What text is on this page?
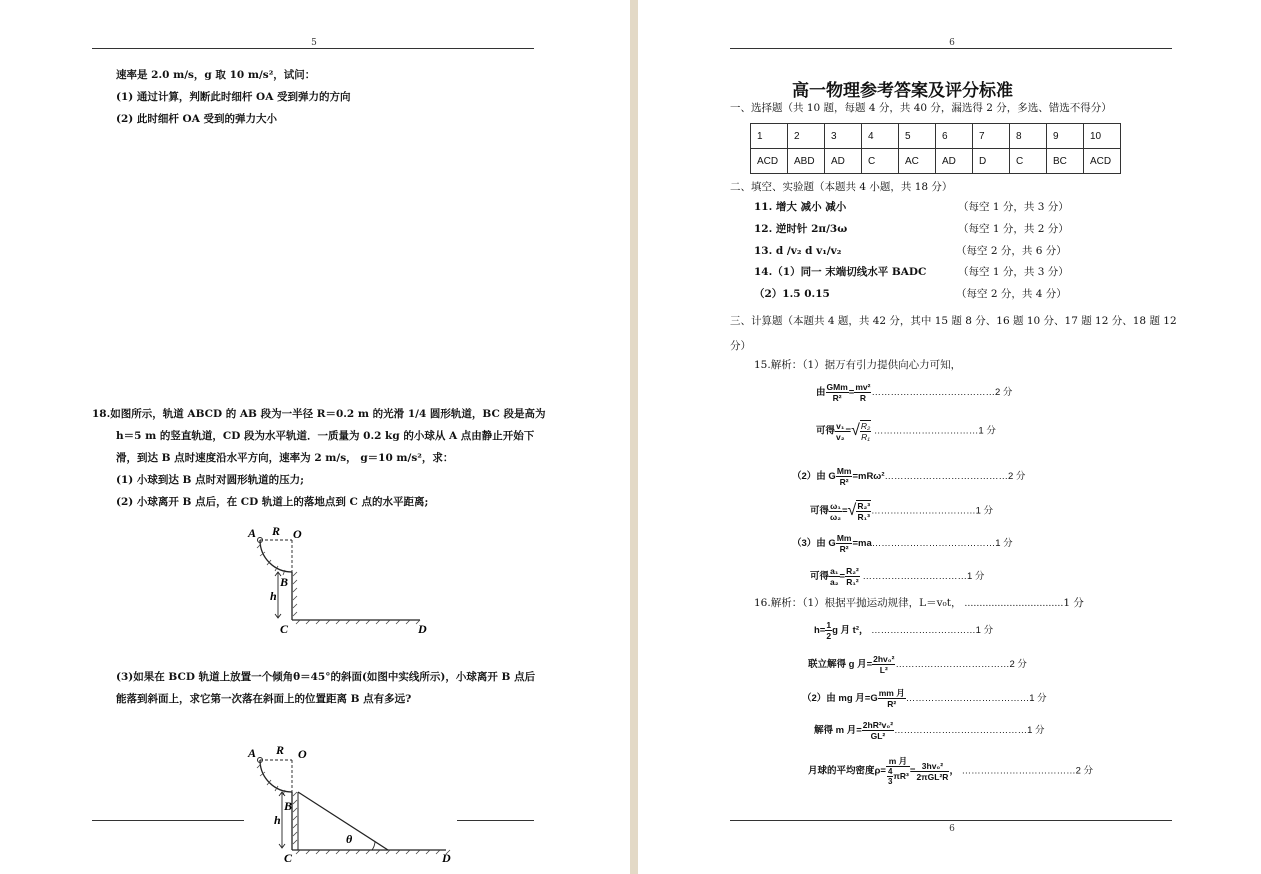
5
速率是 2.0 m/s，g 取 10 m/s²，试问：
(1) 通过计算，判断此时细杆 OA 受到弹力的方向
(2) 此时细杆 OA 受到的弹力大小
18.如图所示，轨道 ABCD 的 AB 段为一半径 R＝0.2 m 的光滑 1/4 圆形轨道，BC 段是高为
h＝5 m 的竖直轨道，CD 段为水平轨道．一质量为 0.2 kg 的小球从 A 点由静止开始下
滑，到达 B 点时速度沿水平方向，速率为 2 m/s， g＝10 m/s²，求：
(1) 小球到达 B 点时对圆形轨道的压力;
(2) 小球离开 B 点后，在 CD 轨道上的落地点到 C 点的水平距离;
A R O
B
h
C	D
(3)如果在 BCD 轨道上放置一个倾角θ＝45°的斜面(如图中实线所示)，小球离开 B 点后
能落到斜面上，求它第一次落在斜面上的位置距离 B 点有多远?
A R O
B
h
C
θ
D
6
高一物理参考答案及评分标准
一、选择题（共 10 题，每题 4 分，共 40 分，漏选得 2 分，多选、错选不得分）
1	2	3	4	5	6	7	8	9	10
ACD	ABD	AD	C	AC	AD	D	C	BC	ACD
二、填空、实验题（本题共 4 小题，共 18 分）
11. 增大 减小 减小	（每空 1 分，共 3 分）
12. 逆时针 2π/3ω	（每空 1 分，共 2 分）
13. d /v₂ d v₁/v₂	（每空 2 分，共 6 分）
14.（1）同一 末端切线水平 BADC	（每空 1 分，共 3 分）
（2）1.5 0.15	（每空 2 分，共 4 分）
三、计算题（本题共 4 题，共 42 分，其中 15 题 8 分、16 题 10 分、17 题 12 分、18 题 12
分）
15.解析：（1）据万有引力提供向心力可知，
由 $\frac{\text{GMm}}{\text{R²}} = \frac{\text{mv²}}{R}$ …………………………………2 分
可得 $\frac{\text{v₁}}{\text{v₂}}$ =√ $\frac{\text{R₂}}{\text{R₁}}$ ……………………………1 分
（2）由 G $\frac{Mm}{\text{R²}}$ =mRω²…………………………………2 分
可得 $\frac{\text{ω₁}}{\text{ω₂}}$ =√ $\frac{\text{R₂³}}{\text{R₁³}}$ ……………………………1 分
（3）由 G $\frac{Mm}{\text{R²}}$ =ma…………………………………1 分
可得 $\frac{\text{a₁}}{\text{a₂}} = \frac{\text{R₂²}}{\text{R₁²}}$ ……………………………1 分
16.解析：（1）根据平抛运动规律，L＝v₀t， ……………………………1 分
$h= \frac{1}{2}$ g 月 t²， ……………………………1 分
联立解得 g 月= $\frac{\text{2hv₀²}}{\text{L²}}$ ………………………………2 分
（2）由 mg 月$=G \frac{\text{mm 月}}{\text{R²}}$ …………………………………1 分
解得 m 月= $\frac{\text{2hR²v₀²}}{\text{GL²}}$ ……………………………………1 分
月球的平均密度$\rho= \frac{\text{m 月}}{\frac{4}{3} \pi R^3} = \frac{\text{3hv₀²}}{\text{2πGL²R}}$ ， ………………………………2 分
6
